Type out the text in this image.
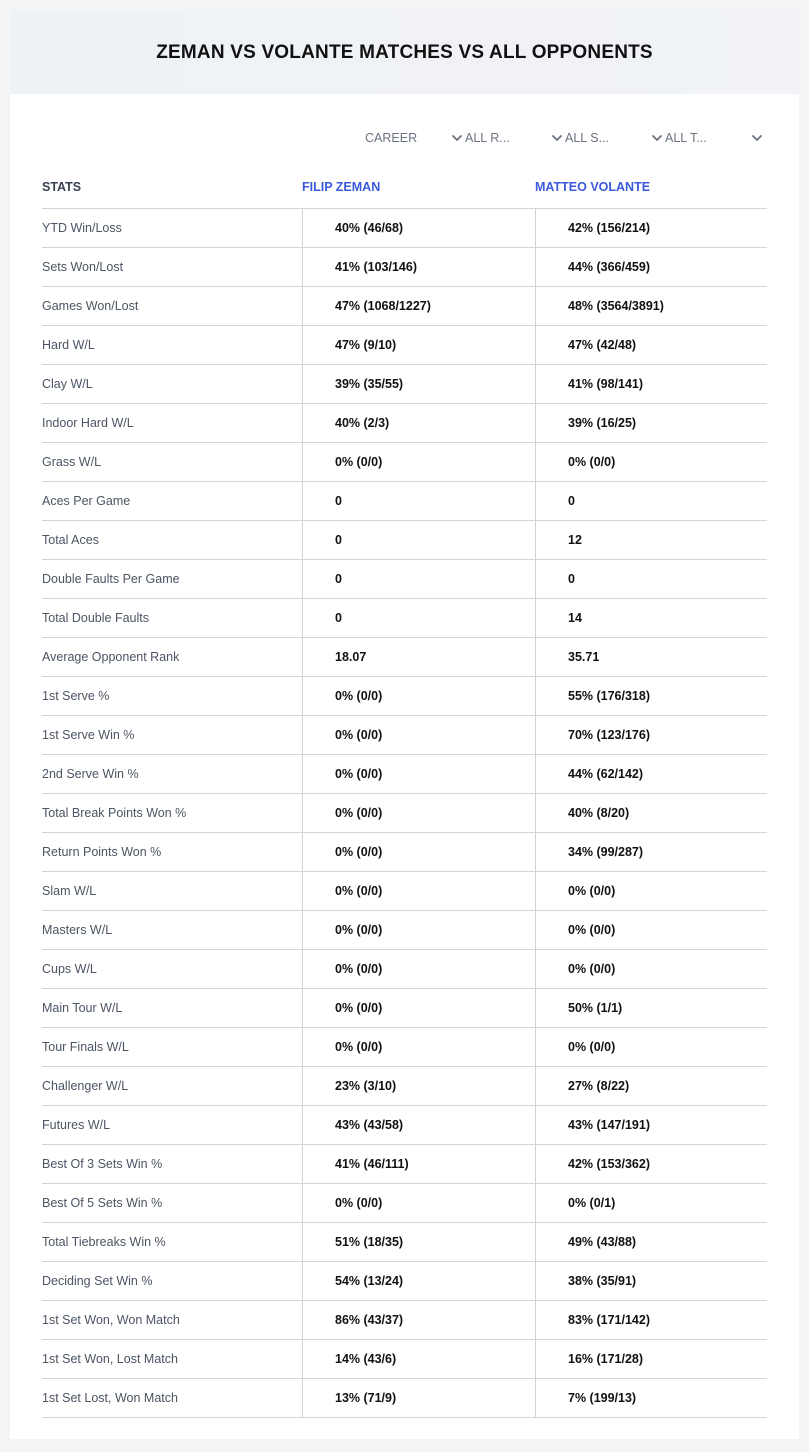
ZEMAN VS VOLANTE MATCHES VS ALL OPPONENTS
CAREER	ALL R...	ALL S...	ALL T...
STATS	FILIP ZEMAN	MATTEO VOLANTE
YTD Win/Loss	40% (46/68)	42% (156/214)
Sets Won/Lost	41% (103/146)	44% (366/459)
Games Won/Lost	47% (1068/1227)	48% (3564/3891)
Hard W/L	47% (9/10)	47% (42/48)
Clay W/L	39% (35/55)	41% (98/141)
Indoor Hard W/L	40% (2/3)	39% (16/25)
Grass W/L	0% (0/0)	0% (0/0)
Aces Per Game	0	0
Total Aces	0	12
Double Faults Per Game	0	0
Total Double Faults	0	14
Average Opponent Rank	18.07	35.71
1st Serve %	0% (0/0)	55% (176/318)
1st Serve Win %	0% (0/0)	70% (123/176)
2nd Serve Win %	0% (0/0)	44% (62/142)
Total Break Points Won %	0% (0/0)	40% (8/20)
Return Points Won %	0% (0/0)	34% (99/287)
Slam W/L	0% (0/0)	0% (0/0)
Masters W/L	0% (0/0)	0% (0/0)
Cups W/L	0% (0/0)	0% (0/0)
Main Tour W/L	0% (0/0)	50% (1/1)
Tour Finals W/L	0% (0/0)	0% (0/0)
Challenger W/L	23% (3/10)	27% (8/22)
Futures W/L	43% (43/58)	43% (147/191)
Best Of 3 Sets Win %	41% (46/111)	42% (153/362)
Best Of 5 Sets Win %	0% (0/0)	0% (0/1)
Total Tiebreaks Win %	51% (18/35)	49% (43/88)
Deciding Set Win %	54% (13/24)	38% (35/91)
1st Set Won, Won Match	86% (43/37)	83% (171/142)
1st Set Won, Lost Match	14% (43/6)	16% (171/28)
1st Set Lost, Won Match	13% (71/9)	7% (199/13)
